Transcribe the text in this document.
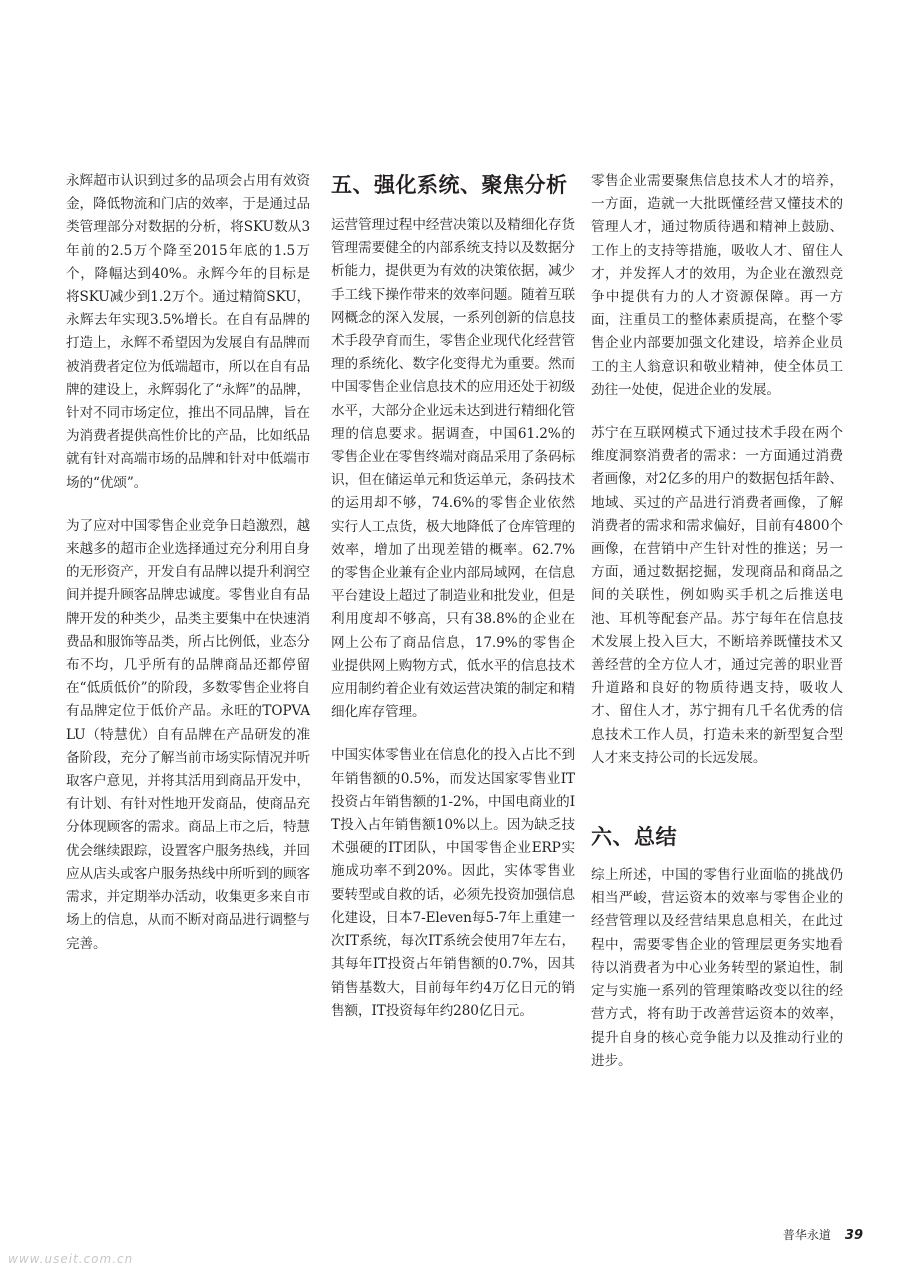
永辉超市认识到过多的品项会占用有效资金，降低物流和门店的效率，于是通过品类管理部分对数据的分析，将SKU数从3年前的2.5万个降至2015年底的1.5万个，降幅达到40%。永辉今年的目标是将SKU减少到1.2万个。通过精简SKU，永辉去年实现3.5%增长。在自有品牌的打造上，永辉不希望因为发展自有品牌而被消费者定位为低端超市，所以在自有品牌的建设上，永辉弱化了“永辉”的品牌，针对不同市场定位，推出不同品牌，旨在为消费者提供高性价比的产品，比如纸品就有针对高端市场的品牌和针对中低端市场的“优颂”。

为了应对中国零售企业竞争日趋激烈，越来越多的超市企业选择通过充分利用自身的无形资产，开发自有品牌以提升利润空间并提升顾客品牌忠诚度。零售业自有品牌开发的种类少，品类主要集中在快速消费品和服饰等品类，所占比例低，业态分布不均，几乎所有的品牌商品还都停留在“低质低价”的阶段，多数零售企业将自有品牌定位于低价产品。永旺的TOPVALU（特慧优）自有品牌在产品研发的准备阶段，充分了解当前市场实际情况并听取客户意见，并将其活用到商品开发中，有计划、有针对性地开发商品，使商品充分体现顾客的需求。商品上市之后，特慧优会继续跟踪，设置客户服务热线，并回应从店头或客户服务热线中所听到的顾客需求，并定期举办活动，收集更多来自市场上的信息，从而不断对商品进行调整与完善。

五、强化系统、聚焦分析

运营管理过程中经营决策以及精细化存货管理需要健全的内部系统支持以及数据分析能力，提供更为有效的决策依据，减少手工线下操作带来的效率问题。随着互联网概念的深入发展，一系列创新的信息技术手段孕育而生，零售企业现代化经营管理的系统化、数字化变得尤为重要。然而中国零售企业信息技术的应用还处于初级水平，大部分企业远未达到进行精细化管理的信息要求。据调查，中国61.2%的零售企业在零售终端对商品采用了条码标识，但在储运单元和货运单元，条码技术的运用却不够，74.6%的零售企业依然实行人工点货，极大地降低了仓库管理的效率，增加了出现差错的概率。62.7%的零售企业兼有企业内部局域网，在信息平台建设上超过了制造业和批发业，但是利用度却不够高，只有38.8%的企业在网上公布了商品信息，17.9%的零售企业提供网上购物方式，低水平的信息技术应用制约着企业有效运营决策的制定和精细化库存管理。

中国实体零售业在信息化的投入占比不到年销售额的0.5%，而发达国家零售业IT投资占年销售额的1-2%，中国电商业的IT投入占年销售额10%以上。因为缺乏技术强硬的IT团队，中国零售企业ERP实施成功率不到20%。因此，实体零售业要转型或自救的话，必须先投资加强信息化建设，日本7-Eleven每5-7年上重建一次IT系统，每次IT系统会使用7年左右，其每年IT投资占年销售额的0.7%，因其销售基数大，目前每年约4万亿日元的销售额，IT投资每年约280亿日元。

零售企业需要聚焦信息技术人才的培养，一方面，造就一大批既懂经营又懂技术的管理人才，通过物质待遇和精神上鼓励、工作上的支持等措施，吸收人才、留住人才，并发挥人才的效用，为企业在激烈竞争中提供有力的人才资源保障。再一方面，注重员工的整体素质提高，在整个零售企业内部要加强文化建设，培养企业员工的主人翁意识和敬业精神，使全体员工劲往一处使，促进企业的发展。

苏宁在互联网模式下通过技术手段在两个维度洞察消费者的需求：一方面通过消费者画像，对2亿多的用户的数据包括年龄、地域、买过的产品进行消费者画像，了解消费者的需求和需求偏好，目前有4800个画像，在营销中产生针对性的推送；另一方面，通过数据挖掘，发现商品和商品之间的关联性，例如购买手机之后推送电池、耳机等配套产品。苏宁每年在信息技术发展上投入巨大，不断培养既懂技术又善经营的全方位人才，通过完善的职业晋升道路和良好的物质待遇支持，吸收人才、留住人才，苏宁拥有几千名优秀的信息技术工作人员，打造未来的新型复合型人才来支持公司的长远发展。

六、总结

综上所述，中国的零售行业面临的挑战仍相当严峻，营运资本的效率与零售企业的经营管理以及经营结果息息相关，在此过程中，需要零售企业的管理层更务实地看待以消费者为中心业务转型的紧迫性，制定与实施一系列的管理策略改变以往的经营方式，将有助于改善营运资本的效率，提升自身的核心竞争能力以及推动行业的进步。

普华永道 39
www.useit.com.cn
